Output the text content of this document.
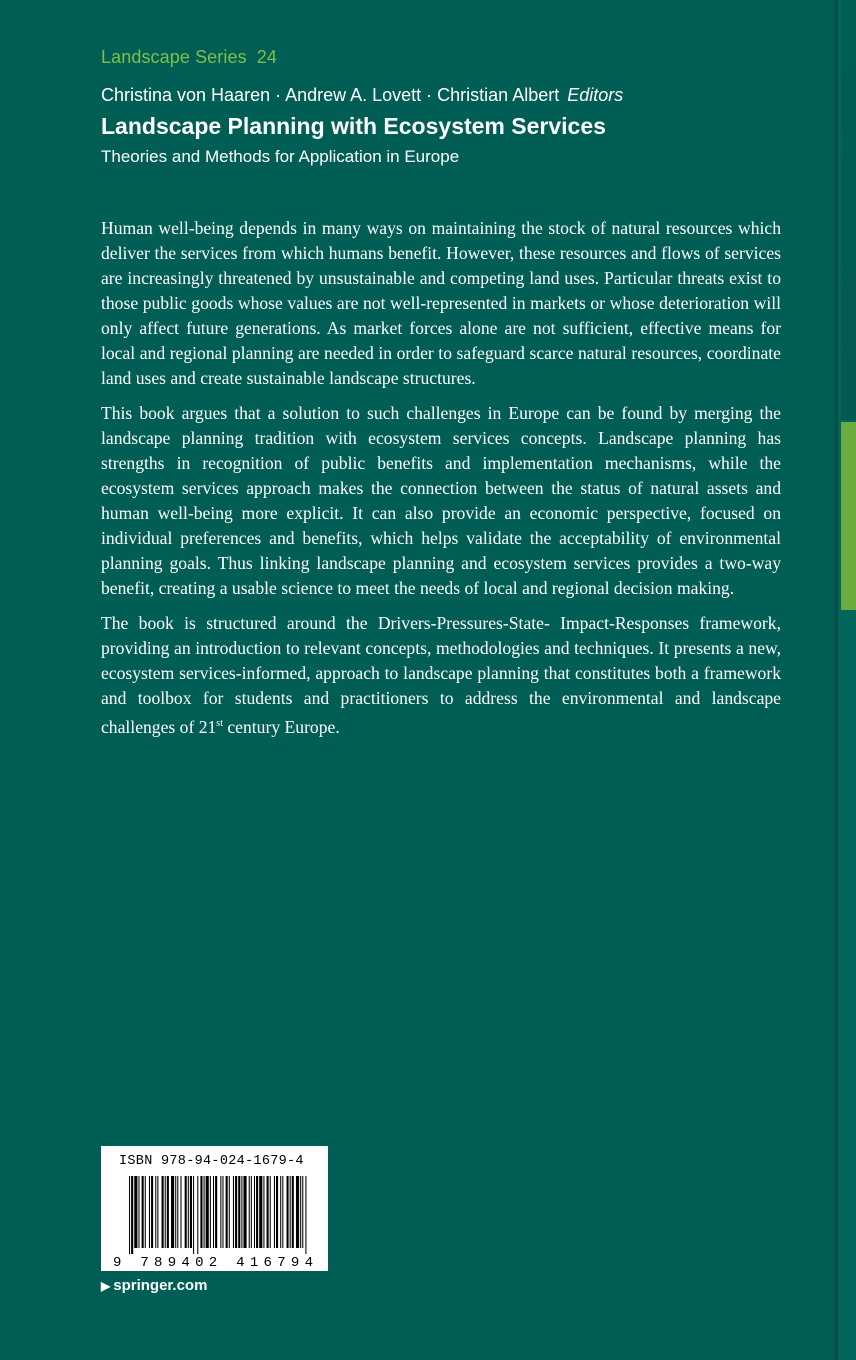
Landscape Series 24
Christina von Haaren · Andrew A. Lovett · Christian Albert Editors
Landscape Planning with Ecosystem Services
Theories and Methods for Application in Europe

Human well-being depends in many ways on maintaining the stock of natural resources which deliver the services from which humans benefit. However, these resources and flows of services are increasingly threatened by unsustainable and competing land uses. Particular threats exist to those public goods whose values are not well-represented in markets or whose deterioration will only affect future generations. As market forces alone are not sufficient, effective means for local and regional planning are needed in order to safeguard scarce natural resources, coordinate land uses and create sustainable landscape structures.

This book argues that a solution to such challenges in Europe can be found by merging the landscape planning tradition with ecosystem services concepts. Landscape planning has strengths in recognition of public benefits and implementation mechanisms, while the ecosystem services approach makes the connection between the status of natural assets and human well-being more explicit. It can also provide an economic perspective, focused on individual preferences and benefits, which helps validate the acceptability of environmental planning goals. Thus linking landscape planning and ecosystem services provides a two-way benefit, creating a usable science to meet the needs of local and regional decision making.

The book is structured around the Drivers-Pressures-State- Impact-Responses framework, providing an introduction to relevant concepts, methodologies and techniques. It presents a new, ecosystem services-informed, approach to landscape planning that constitutes both a framework and toolbox for students and practitioners to address the environmental and landscape challenges of 21st century Europe.

ISBN 978-94-024-1679-4
9 789402 416794
▶ springer.com
